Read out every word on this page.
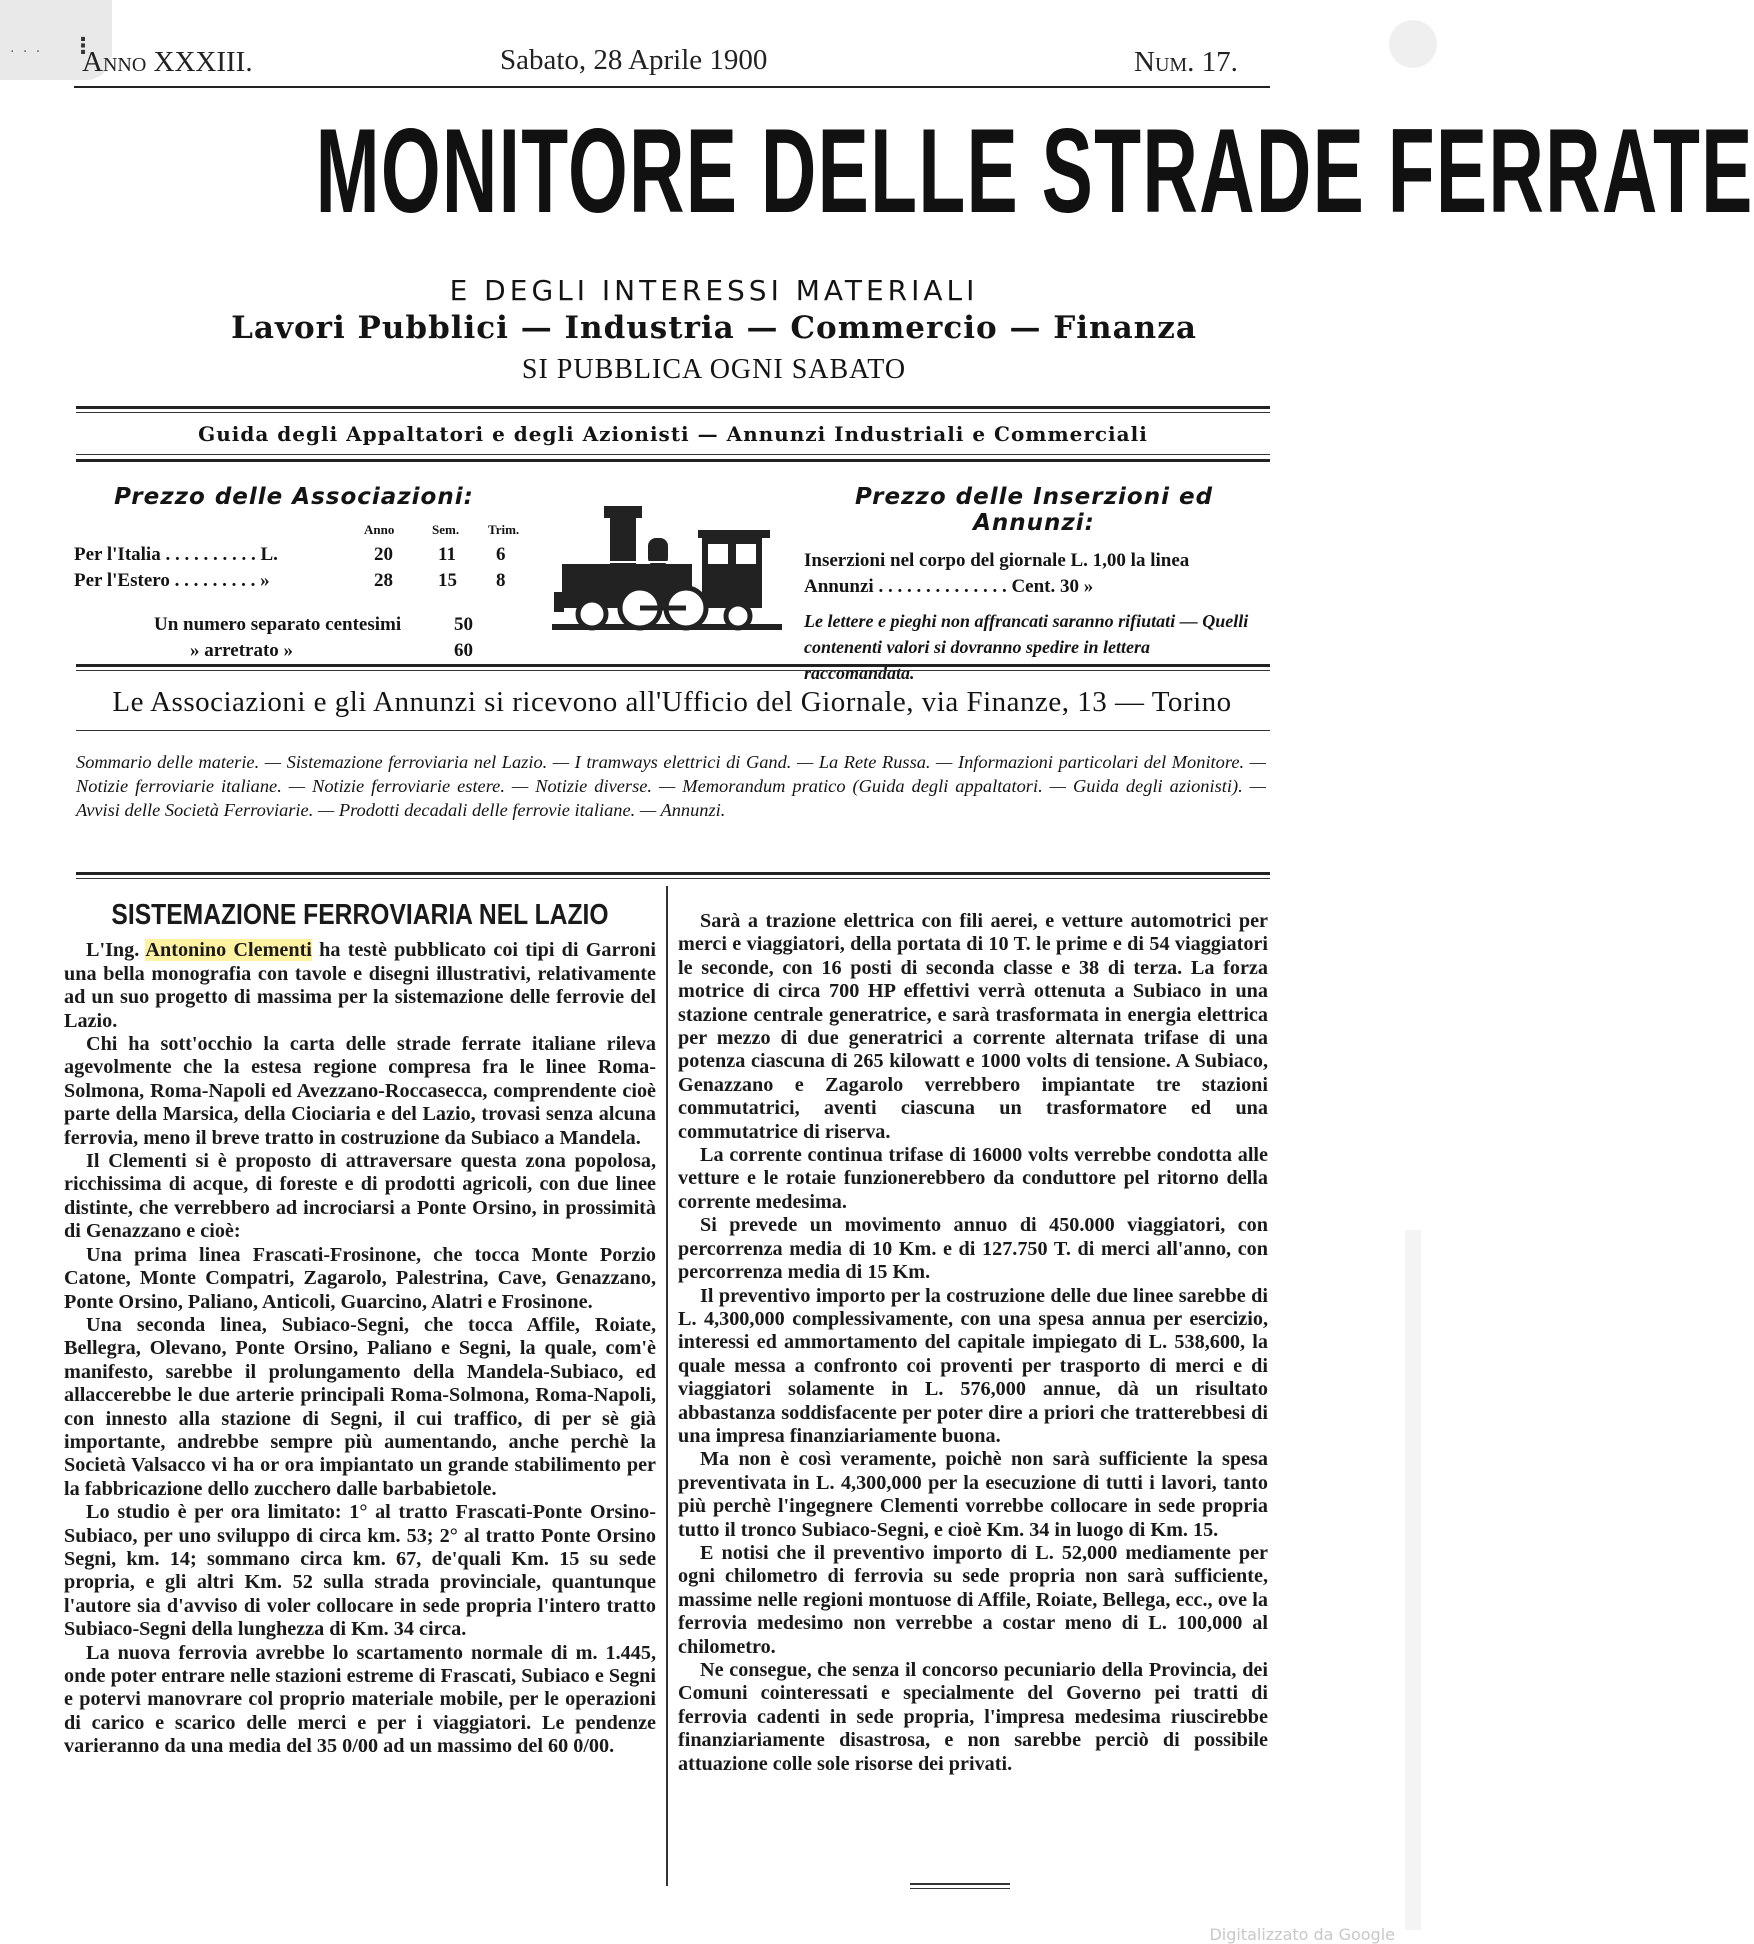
· · · ⋮
Anno XXXIII.	Sabato, 28 Aprile 1900	Num. 17.
MONITORE DELLE STRADE FERRATE
E DEGLI INTERESSI MATERIALI
Lavori Pubblici — Industria — Commercio — Finanza
SI PUBBLICA OGNI SABATO
Guida degli Appaltatori e degli Azionisti — Annunzi Industriali e Commerciali
Prezzo delle Associazioni:
Anno	Sem. Trim.
Per l'Italia . . . . . . . . . . L.	20 11 6
Per l'Estero . . . . . . . . . »	28 15 8
Un numero separato centesimi	50
» arretrato »	60
Prezzo delle Inserzioni ed Annunzi:
Inserzioni nel corpo del giornale L. 1,00 la linea
Annunzi . . . . . . . . . . . . . . Cent. 30 »
Le lettere e pieghi non affrancati saranno rifiutati — Quelli contenenti valori si dovranno spedire in lettera raccomandata.
Le Associazioni e gli Annunzi si ricevono all'Ufficio del Giornale, via Finanze, 13 — Torino
Sommario delle materie. — Sistemazione ferroviaria nel Lazio. — I tramways elettrici di Gand. — La Rete Russa. — Informazioni particolari del Monitore. — Notizie ferroviarie italiane. — Notizie ferroviarie estere. — Notizie diverse. — Memorandum pratico (Guida degli appaltatori. — Guida degli azionisti). — Avvisi delle Società Ferroviarie. — Prodotti decadali delle ferrovie italiane. — Annunzi.
SISTEMAZIONE FERROVIARIA NEL LAZIO

L'Ing. Antonino Clementi ha testè pubblicato coi tipi di Garroni una bella monografia con tavole e disegni illustrativi, relativamente ad un suo progetto di massima per la sistemazione delle ferrovie del Lazio.

Chi ha sott'occhio la carta delle strade ferrate italiane rileva agevolmente che la estesa regione compresa fra le linee Roma-Solmona, Roma-Napoli ed Avezzano-Roccasecca, comprendente cioè parte della Marsica, della Ciociaria e del Lazio, trovasi senza alcuna ferrovia, meno il breve tratto in costruzione da Subiaco a Mandela.

Il Clementi si è proposto di attraversare questa zona popolosa, ricchissima di acque, di foreste e di prodotti agricoli, con due linee distinte, che verrebbero ad incrociarsi a Ponte Orsino, in prossimità di Genazzano e cioè:

Una prima linea Frascati-Frosinone, che tocca Monte Porzio Catone, Monte Compatri, Zagarolo, Palestrina, Cave, Genazzano, Ponte Orsino, Paliano, Anticoli, Guarcino, Alatri e Frosinone.

Una seconda linea, Subiaco-Segni, che tocca Affile, Roiate, Bellegra, Olevano, Ponte Orsino, Paliano e Segni, la quale, com'è manifesto, sarebbe il prolungamento della Mandela-Subiaco, ed allaccerebbe le due arterie principali Roma-Solmona, Roma-Napoli, con innesto alla stazione di Segni, il cui traffico, di per sè già importante, andrebbe sempre più aumentando, anche perchè la Società Valsacco vi ha or ora impiantato un grande stabilimento per la fabbricazione dello zucchero dalle barbabietole.

Lo studio è per ora limitato: 1° al tratto Frascati-Ponte Orsino-Subiaco, per uno sviluppo di circa km. 53; 2° al tratto Ponte Orsino Segni, km. 14; sommano circa km. 67, de'quali Km. 15 su sede propria, e gli altri Km. 52 sulla strada provinciale, quantunque l'autore sia d'avviso di voler collocare in sede propria l'intero tratto Subiaco-Segni della lunghezza di Km. 34 circa.

La nuova ferrovia avrebbe lo scartamento normale di m. 1.445, onde poter entrare nelle stazioni estreme di Frascati, Subiaco e Segni e potervi manovrare col proprio materiale mobile, per le operazioni di carico e scarico delle merci e per i viaggiatori. Le pendenze varieranno da una media del 35 0/00 ad un massimo del 60 0/00.

Sarà a trazione elettrica con fili aerei, e vetture automotrici per merci e viaggiatori, della portata di 10 T. le prime e di 54 viaggiatori le seconde, con 16 posti di seconda classe e 38 di terza. La forza motrice di circa 700 HP effettivi verrà ottenuta a Subiaco in una stazione centrale generatrice, e sarà trasformata in energia elettrica per mezzo di due generatrici a corrente alternata trifase di una potenza ciascuna di 265 kilowatt e 1000 volts di tensione. A Subiaco, Genazzano e Zagarolo verrebbero impiantate tre stazioni commutatrici, aventi ciascuna un trasformatore ed una commutatrice di riserva.

La corrente continua trifase di 16000 volts verrebbe condotta alle vetture e le rotaie funzionerebbero da conduttore pel ritorno della corrente medesima.

Si prevede un movimento annuo di 450.000 viaggiatori, con percorrenza media di 10 Km. e di 127.750 T. di merci all'anno, con percorrenza media di 15 Km.

Il preventivo importo per la costruzione delle due linee sarebbe di L. 4,300,000 complessivamente, con una spesa annua per esercizio, interessi ed ammortamento del capitale impiegato di L. 538,600, la quale messa a confronto coi proventi per trasporto di merci e di viaggiatori solamente in L. 576,000 annue, dà un risultato abbastanza soddisfacente per poter dire a priori che tratterebbesi di una impresa finanziariamente buona.

Ma non è così veramente, poichè non sarà sufficiente la spesa preventivata in L. 4,300,000 per la esecuzione di tutti i lavori, tanto più perchè l'ingegnere Clementi vorrebbe collocare in sede propria tutto il tronco Subiaco-Segni, e cioè Km. 34 in luogo di Km. 15.

E notisi che il preventivo importo di L. 52,000 mediamente per ogni chilometro di ferrovia su sede propria non sarà sufficiente, massime nelle regioni montuose di Affile, Roiate, Bellega, ecc., ove la ferrovia medesimo non verrebbe a costar meno di L. 100,000 al chilometro.

Ne consegue, che senza il concorso pecuniario della Provincia, dei Comuni cointeressati e specialmente del Governo pei tratti di ferrovia cadenti in sede propria, l'impresa medesima riuscirebbe finanziariamente disastrosa, e non sarebbe perciò di possibile attuazione colle sole risorse dei privati.

Digitalizzato da Google
